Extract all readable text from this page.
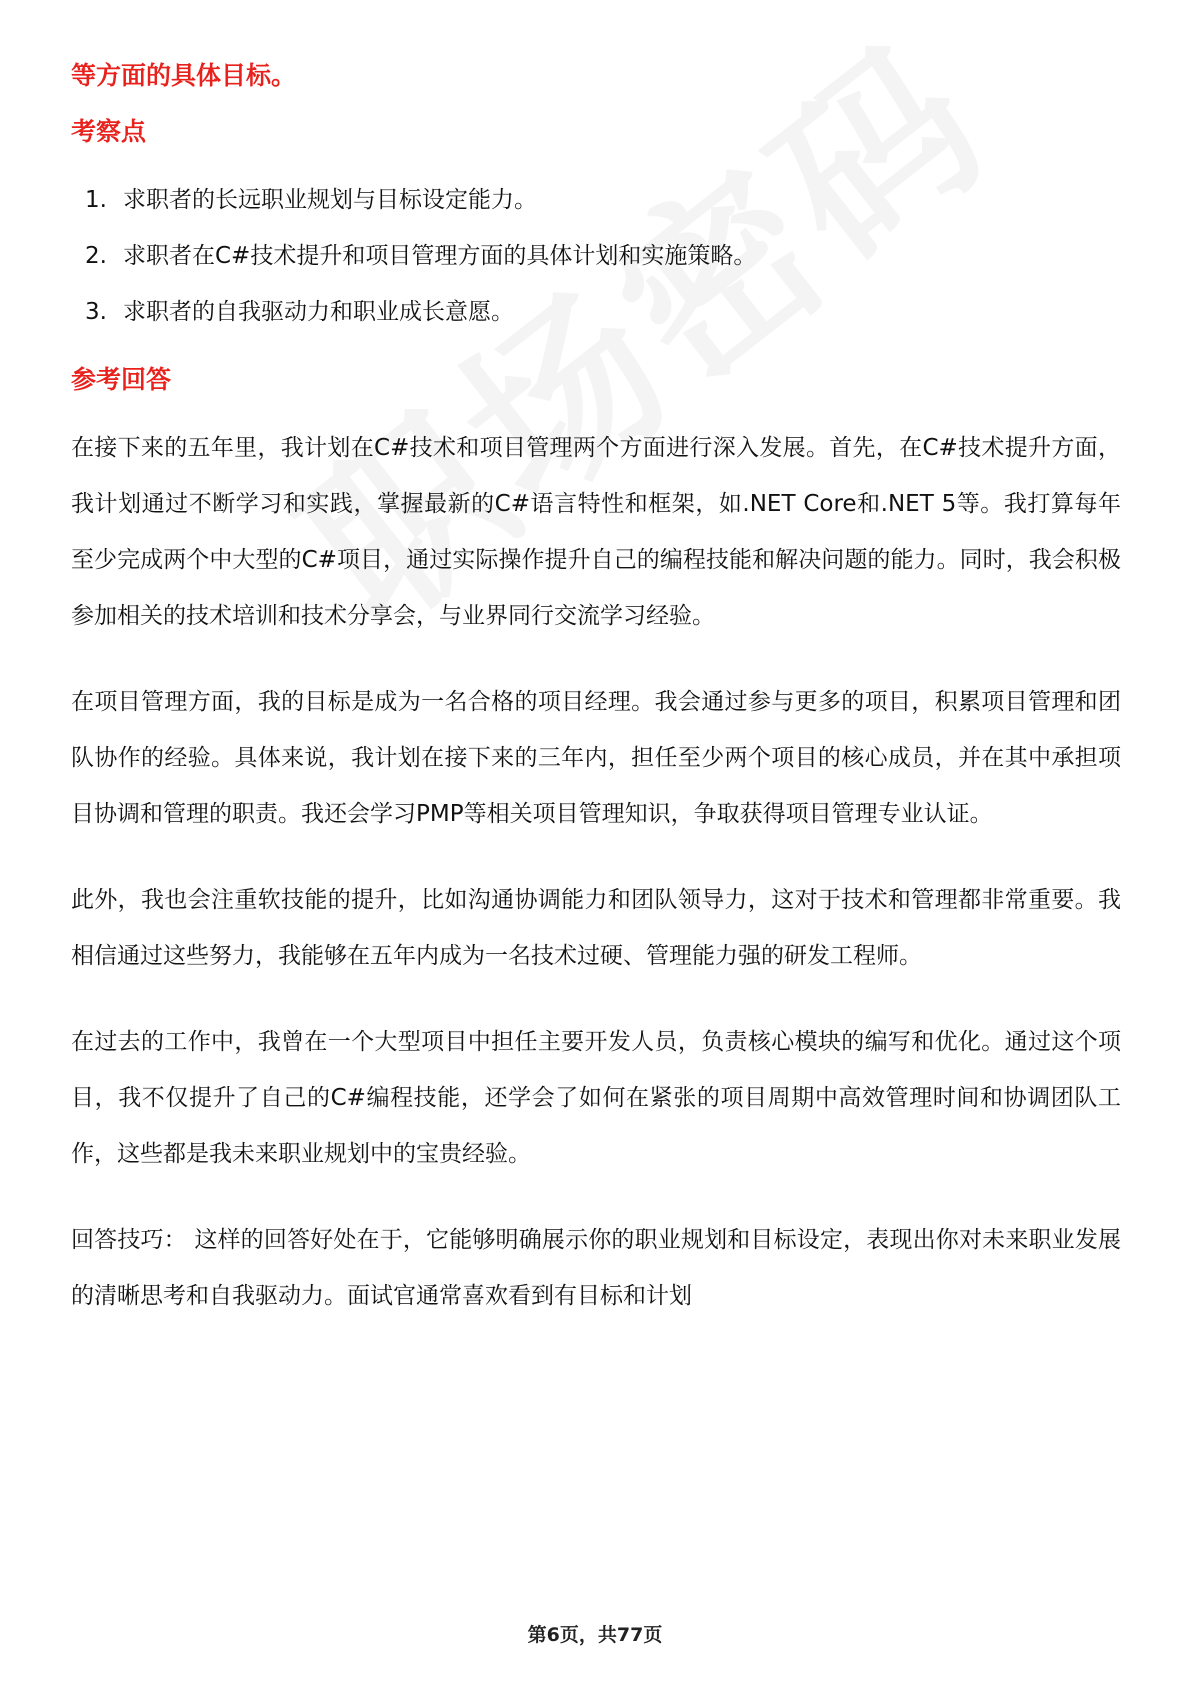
等方面的具体目标。
考察点
1. 求职者的长远职业规划与目标设定能力。
2. 求职者在C#技术提升和项目管理方面的具体计划和实施策略。
3. 求职者的自我驱动力和职业成长意愿。
参考回答

在接下来的五年里，我计划在C#技术和项目管理两个方面进行深入发展。首先，在C#技术提升方面，我计划通过不断学习和实践，掌握最新的C#语言特性和框架，如.NET Core和.NET 5等。我打算每年至少完成两个中大型的C#项目，通过实际操作提升自己的编程技能和解决问题的能力。同时，我会积极参加相关的技术培训和技术分享会，与业界同行交流学习经验。

在项目管理方面，我的目标是成为一名合格的项目经理。我会通过参与更多的项目，积累项目管理和团队协作的经验。具体来说，我计划在接下来的三年内，担任至少两个项目的核心成员，并在其中承担项目协调和管理的职责。我还会学习PMP等相关项目管理知识，争取获得项目管理专业认证。

此外，我也会注重软技能的提升，比如沟通协调能力和团队领导力，这对于技术和管理都非常重要。我相信通过这些努力，我能够在五年内成为一名技术过硬、管理能力强的研发工程师。

在过去的工作中，我曾在一个大型项目中担任主要开发人员，负责核心模块的编写和优化。通过这个项目，我不仅提升了自己的C#编程技能，还学会了如何在紧张的项目周期中高效管理时间和协调团队工作，这些都是我未来职业规划中的宝贵经验。

回答技巧： 这样的回答好处在于，它能够明确展示你的职业规划和目标设定，表现出你对未来职业发展的清晰思考和自我驱动力。面试官通常喜欢看到有目标和计划

第6页，共77页
